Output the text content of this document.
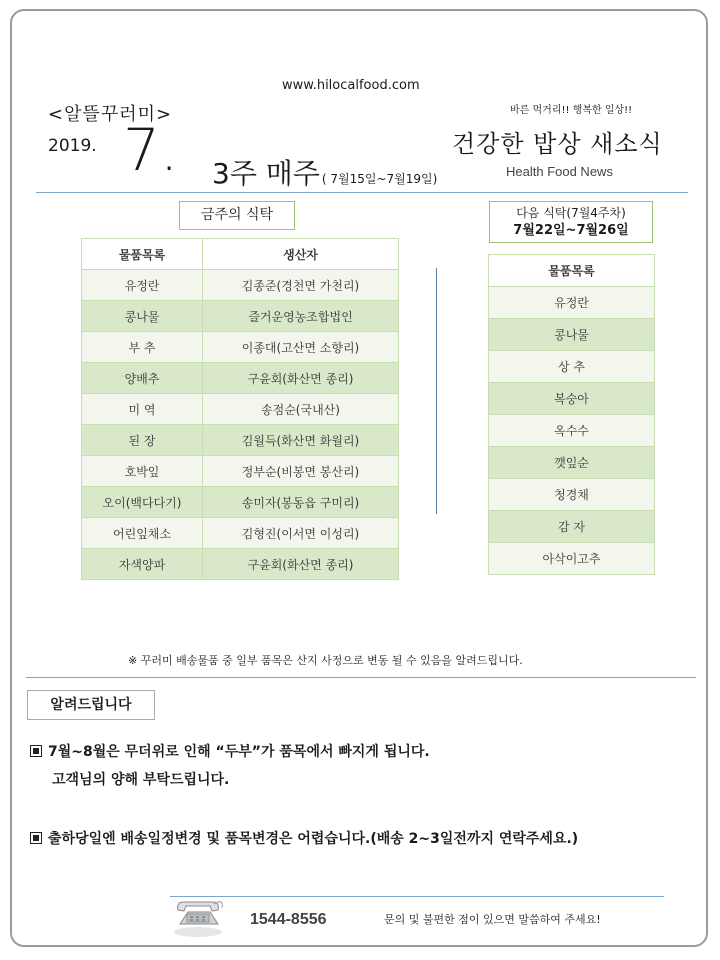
www.hilocalfood.com
<알뜰꾸러미>
2019. 7. 3주 매주 ( 7월15일~7월19일)
바른 먹거리!! 행복한 일상!!
건강한 밥상 새소식
Health Food News
금주의 식탁	다음 식탁(7월4주차)
7월22일~7월26일
물품목록	생산자
유정란	김종준(경천면 가천리)
콩나물	즐거운영농조합법인
부 추	이종대(고산면 소향리)
양배추	구윤회(화산면 종리)
미 역	송점순(국내산)
된 장	김월득(화산면 화월리)
호박잎	정부순(비봉면 봉산리)
오이(백다다기)	송미자(봉동읍 구미리)
어린잎채소	김형진(이서면 이성리)
자색양파	구윤회(화산면 종리)
물품목록
유정란
콩나물
상 추
복숭아
옥수수
깻잎순
청경채
감 자
아삭이고추
※ 꾸러미 배송물품 중 일부 품목은 산지 사정으로 변동 될 수 있음을 알려드립니다.
알려드립니다
7월~8월은 무더위로 인해 “두부”가 품목에서 빠지게 됩니다.
고객님의 양해 부탁드립니다.
출하당일엔 배송일정변경 및 품목변경은 어렵습니다.(배송 2~3일전까지 연락주세요.)
1544-8556	문의 및 불편한 점이 있으면 말씀하여 주세요!
